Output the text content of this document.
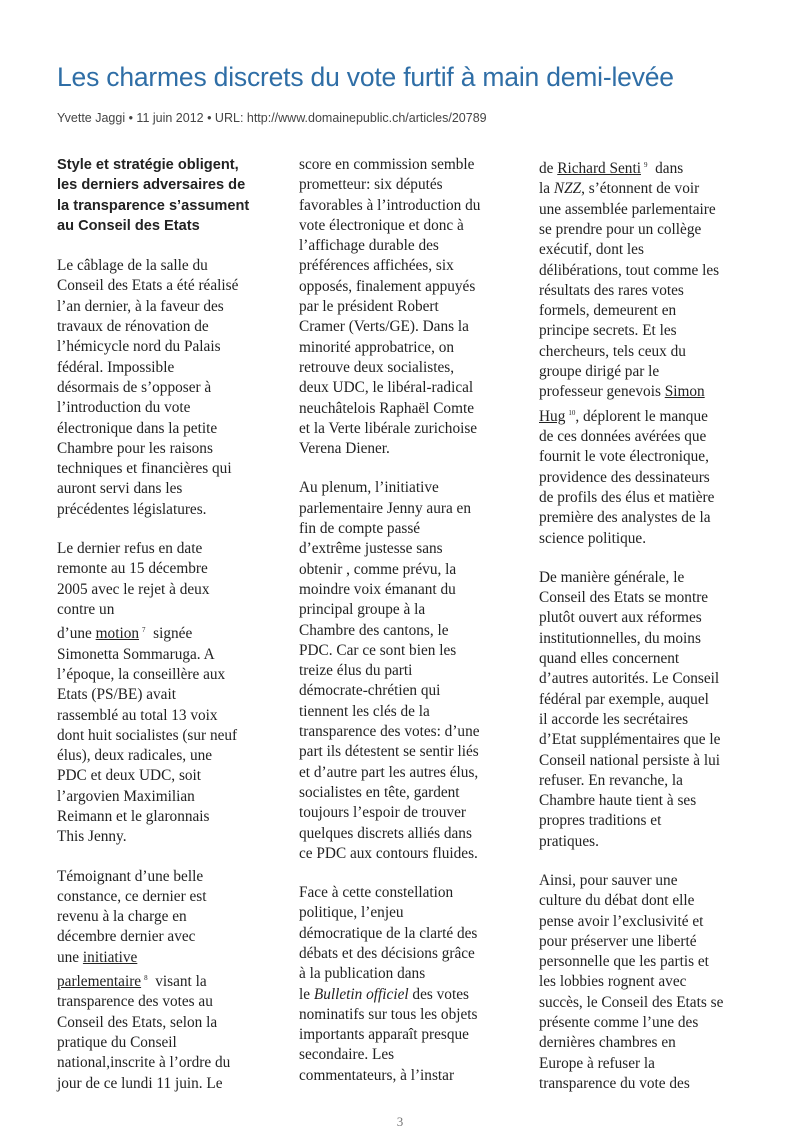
Les charmes discrets du vote furtif à main demi-levée
Yvette Jaggi • 11 juin 2012 • URL: http://www.domainepublic.ch/articles/20789
Style et stratégie obligent,
les derniers adversaires de
la transparence s’assument
au Conseil des Etats

Le câblage de la salle du
Conseil des Etats a été réalisé
l’an dernier, à la faveur des
travaux de rénovation de
l’hémicycle nord du Palais
fédéral. Impossible
désormais de s’opposer à
l’introduction du vote
électronique dans la petite
Chambre pour les raisons
techniques et financières qui
auront servi dans les
précédentes législatures.

Le dernier refus en date
remonte au 15 décembre
2005 avec le rejet à deux
contre un
d’une motion $^7$ signée
Simonetta Sommaruga. A
l’époque, la conseillère aux
Etats (PS/BE) avait
rassemblé au total 13 voix
dont huit socialistes (sur neuf
élus), deux radicales, une
PDC et deux UDC, soit
l’argovien Maximilian
Reimann et le glaronnais
This Jenny.

Témoignant d’une belle
constance, ce dernier est
revenu à la charge en
décembre dernier avec
une initiative
parlementaire $^8$ visant la
transparence des votes au
Conseil des Etats, selon la
pratique du Conseil
national,inscrite à l’ordre du
jour de ce lundi 11 juin. Le

score en commission semble
prometteur: six députés
favorables à l’introduction du
vote électronique et donc à
l’affichage durable des
préférences affichées, six
opposés, finalement appuyés
par le président Robert
Cramer (Verts/GE). Dans la
minorité approbatrice, on
retrouve deux socialistes,
deux UDC, le libéral-radical
neuchâtelois Raphaël Comte
et la Verte libérale zurichoise
Verena Diener.

Au plenum, l’initiative
parlementaire Jenny aura en
fin de compte passé
d’extrême justesse sans
obtenir , comme prévu, la
moindre voix émanant du
principal groupe à la
Chambre des cantons, le
PDC. Car ce sont bien les
treize élus du parti
démocrate-chrétien qui
tiennent les clés de la
transparence des votes: d’une
part ils détestent se sentir liés
et d’autre part les autres élus,
socialistes en tête, gardent
toujours l’espoir de trouver
quelques discrets alliés dans
ce PDC aux contours fluides.

Face à cette constellation
politique, l’enjeu
démocratique de la clarté des
débats et des décisions grâce
à la publication dans
le Bulletin officiel des votes
nominatifs sur tous les objets
importants apparaît presque
secondaire. Les
commentateurs, à l’instar

de Richard Senti $^9$ dans
la NZZ, s’étonnent de voir
une assemblée parlementaire
se prendre pour un collège
exécutif, dont les
délibérations, tout comme les
résultats des rares votes
formels, demeurent en
principe secrets. Et les
chercheurs, tels ceux du
groupe dirigé par le
professeur genevois Simon
Hug $^{10}$, déplorent le manque
de ces données avérées que
fournit le vote électronique,
providence des dessinateurs
de profils des élus et matière
première des analystes de la
science politique.

De manière générale, le
Conseil des Etats se montre
plutôt ouvert aux réformes
institutionnelles, du moins
quand elles concernent
d’autres autorités. Le Conseil
fédéral par exemple, auquel
il accorde les secrétaires
d’Etat supplémentaires que le
Conseil national persiste à lui
refuser. En revanche, la
Chambre haute tient à ses
propres traditions et
pratiques.

Ainsi, pour sauver une
culture du débat dont elle
pense avoir l’exclusivité et
pour préserver une liberté
personnelle que les partis et
les lobbies rognent avec
succès, le Conseil des Etats se
présente comme l’une des
dernières chambres en
Europe à refuser la
transparence du vote des

3
